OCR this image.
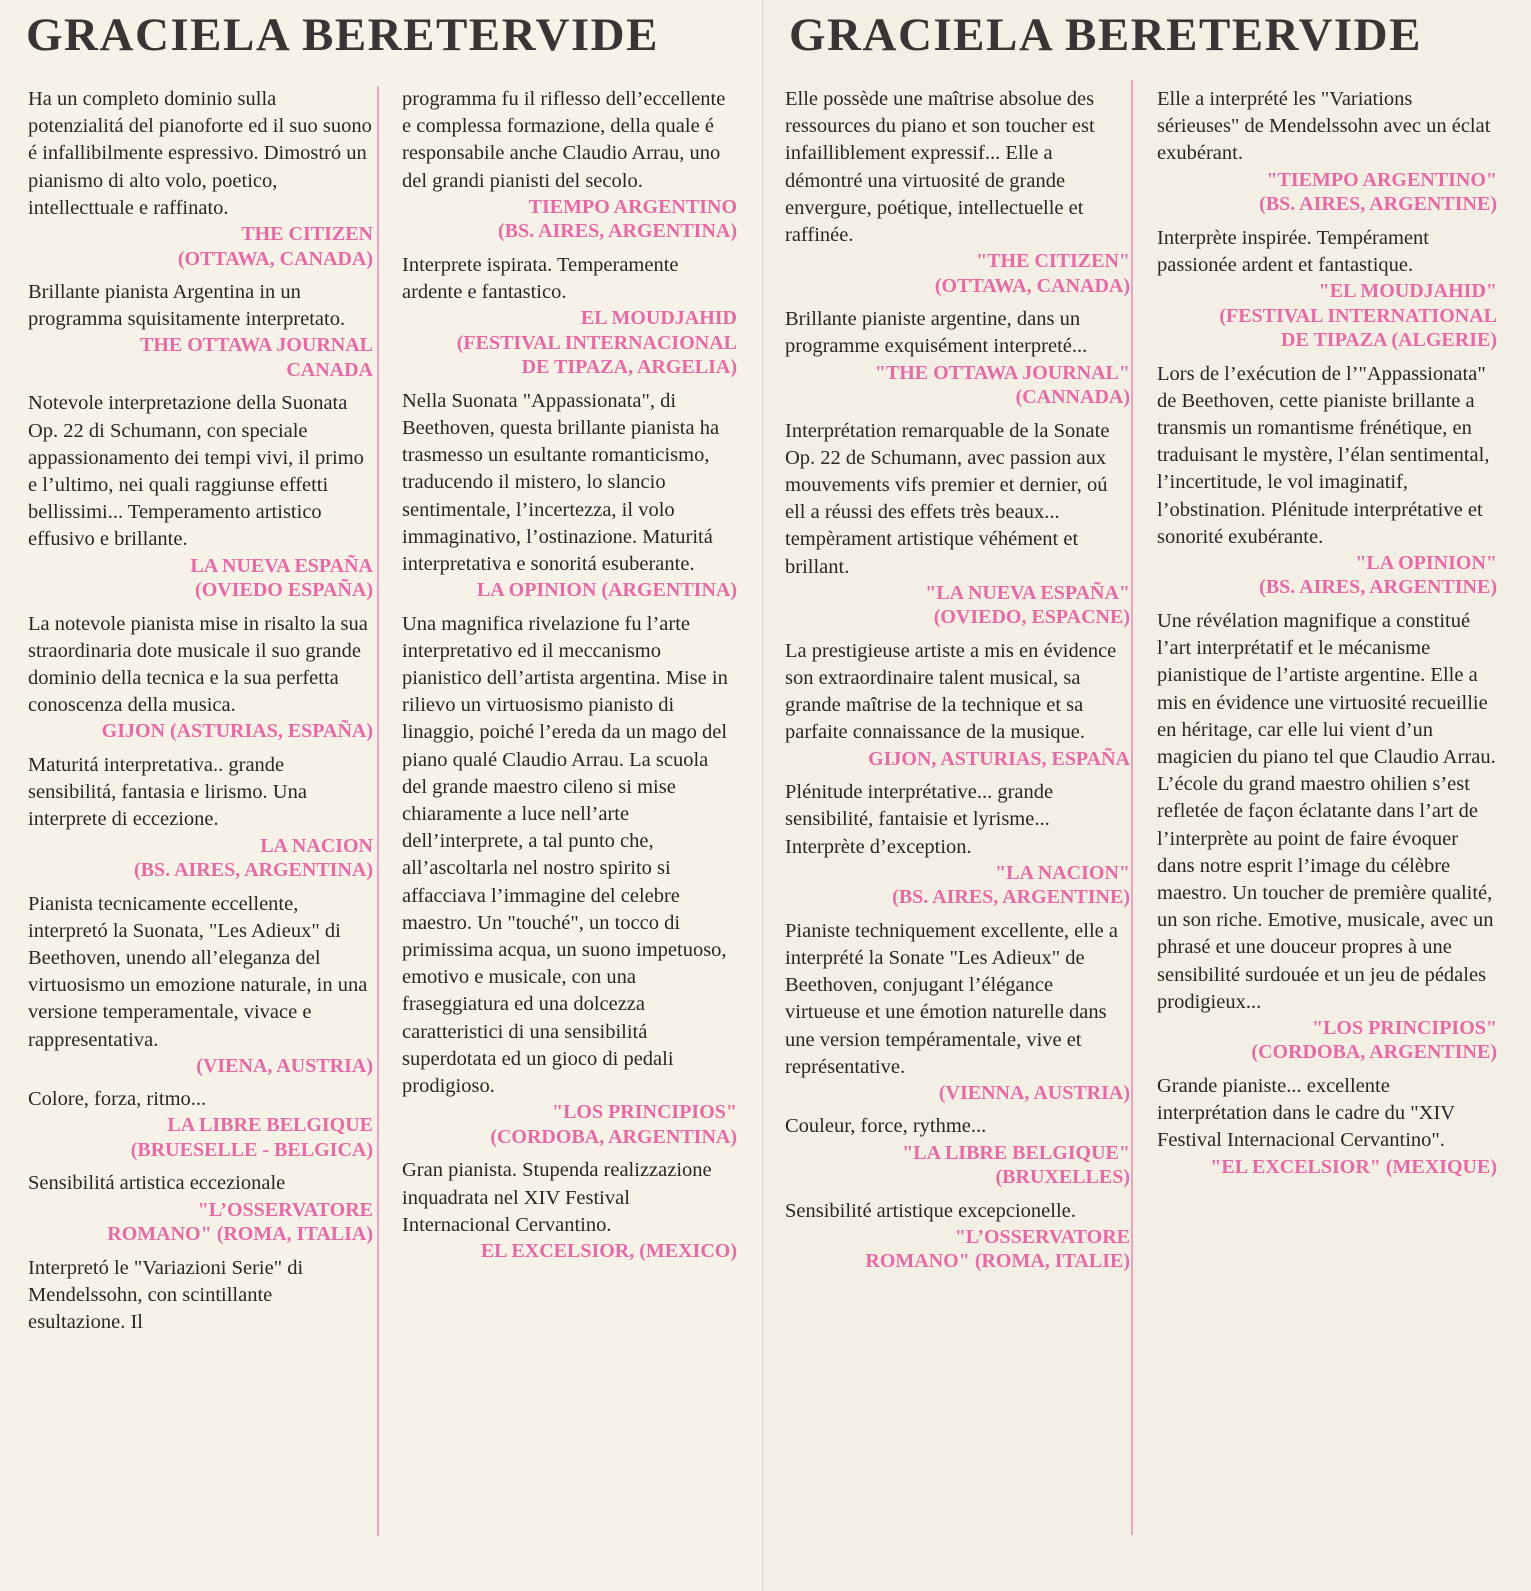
GRACIELA BERETERVIDE

Ha un completo dominio sulla potenzialitá del pianoforte ed il suo suono é infallibilmente espressivo. Dimostró un pianismo di alto volo, poetico, intellecttuale e raffinato.

THE CITIZEN
(OTTAWA, CANADA)

Brillante pianista Argentina in un programma squisitamente interpretato.

THE OTTAWA JOURNAL
CANADA

Notevole interpretazione della Suonata Op. 22 di Schumann, con speciale appassionamento dei tempi vivi, il primo e l’ultimo, nei quali raggiunse effetti bellissimi... Temperamento artistico effusivo e brillante.

LA NUEVA ESPAÑA
(OVIEDO ESPAÑA)

La notevole pianista mise in risalto la sua straordinaria dote musicale il suo grande dominio della tecnica e la sua perfetta conoscenza della musica.

GIJON (ASTURIAS, ESPAÑA)

Maturitá interpretativa.. grande sensibilitá, fantasia e lirismo. Una interprete di eccezione.

LA NACION
(BS. AIRES, ARGENTINA)

Pianista tecnicamente eccellente, interpretó la Suonata, "Les Adieux" di Beethoven, unendo all’eleganza del virtuosismo un emozione naturale, in una versione temperamentale, vivace e rappresentativa.

(VIENA, AUSTRIA)

Colore, forza, ritmo...

LA LIBRE BELGIQUE
(BRUESELLE - BELGICA)

Sensibilitá artistica eccezionale

"L’OSSERVATORE
ROMANO" (ROMA, ITALIA)

Interpretó le "Variazioni Serie" di Mendelssohn, con scintillante esultazione. Il

programma fu il riflesso dell’eccellente e complessa formazione, della quale é responsabile anche Claudio Arrau, uno del grandi pianisti del secolo.

TIEMPO ARGENTINO
(BS. AIRES, ARGENTINA)

Interprete ispirata. Temperamente ardente e fantastico.

EL MOUDJAHID
(FESTIVAL INTERNACIONAL
DE TIPAZA, ARGELIA)

Nella Suonata "Appassionata", di Beethoven, questa brillante pianista ha trasmesso un esultante romanticismo, traducendo il mistero, lo slancio sentimentale, l’incertezza, il volo immaginativo, l’ostinazione. Maturitá interpretativa e sonoritá esuberante.

LA OPINION (ARGENTINA)

Una magnifica rivelazione fu l’arte interpretativo ed il meccanismo pianistico dell’artista argentina. Mise in rilievo un virtuosismo pianisto di linaggio, poiché l’ereda da un mago del piano qualé Claudio Arrau. La scuola del grande maestro cileno si mise chiaramente a luce nell’arte dell’interprete, a tal punto che, all’ascoltarla nel nostro spirito si affacciava l’immagine del celebre maestro. Un "touché", un tocco di primissima acqua, un suono impetuoso, emotivo e musicale, con una fraseggiatura ed una dolcezza caratteristici di una sensibilitá superdotata ed un gioco di pedali prodigioso.

"LOS PRINCIPIOS"
(CORDOBA, ARGENTINA)

Gran pianista. Stupenda realizzazione inquadrata nel XIV Festival Internacional Cervantino.

EL EXCELSIOR, (MEXICO)
GRACIELA BERETERVIDE

Elle possède une maîtrise absolue des ressources du piano et son toucher est infailliblement expressif... Elle a démontré una virtuosité de grande envergure, poétique, intellectuelle et raffinée.

"THE CITIZEN"
(OTTAWA, CANADA)

Brillante pianiste argentine, dans un programme exquisément interpreté...

"THE OTTAWA JOURNAL"
(CANNADA)

Interprétation remarquable de la Sonate Op. 22 de Schumann, avec passion aux mouvements vifs premier et dernier, oú ell a réussi des effets très beaux... tempèrament artistique véhément et brillant.

"LA NUEVA ESPAÑA"
(OVIEDO, ESPACNE)

La prestigieuse artiste a mis en évidence son extraordinaire talent musical, sa grande maîtrise de la technique et sa parfaite connaissance de la musique.

GIJON, ASTURIAS, ESPAÑA

Plénitude interprétative... grande sensibilité, fantaisie et lyrisme... Interprète d’exception.

"LA NACION"
(BS. AIRES, ARGENTINE)

Pianiste techniquement excellente, elle a interprété la Sonate "Les Adieux" de Beethoven, conjugant l’élégance virtueuse et une émotion naturelle dans une version tempéramentale, vive et représentative.

(VIENNA, AUSTRIA)

Couleur, force, rythme...

"LA LIBRE BELGIQUE"
(BRUXELLES)

Sensibilité artistique excepcionelle.

"L’OSSERVATORE
ROMANO" (ROMA, ITALIE)

Elle a interprété les "Variations sérieuses" de Mendelssohn avec un éclat exubérant.

"TIEMPO ARGENTINO"
(BS. AIRES, ARGENTINE)

Interprète inspirée. Tempérament passionée ardent et fantastique.

"EL MOUDJAHID"
(FESTIVAL INTERNATIONAL
DE TIPAZA (ALGERIE)

Lors de l’exécution de l’"Appassionata" de Beethoven, cette pianiste brillante a transmis un romantisme frénétique, en traduisant le mystère, l’élan sentimental, l’incertitude, le vol imaginatif, l’obstination. Plénitude interprétative et sonorité exubérante.

"LA OPINION"
(BS. AIRES, ARGENTINE)

Une révélation magnifique a constitué l’art interprétatif et le mécanisme pianistique de l’artiste argentine. Elle a mis en évidence une virtuosité recueillie en héritage, car elle lui vient d’un magicien du piano tel que Claudio Arrau. L’école du grand maestro ohilien s’est refletée de façon éclatante dans l’art de l’interprète au point de faire évoquer dans notre esprit l’image du célèbre maestro. Un toucher de première qualité, un son riche. Emotive, musicale, avec un phrasé et une douceur propres à une sensibilité surdouée et un jeu de pédales prodigieux...

"LOS PRINCIPIOS"
(CORDOBA, ARGENTINE)

Grande pianiste... excellente interprétation dans le cadre du "XIV Festival Internacional Cervantino".

"EL EXCELSIOR" (MEXIQUE)
